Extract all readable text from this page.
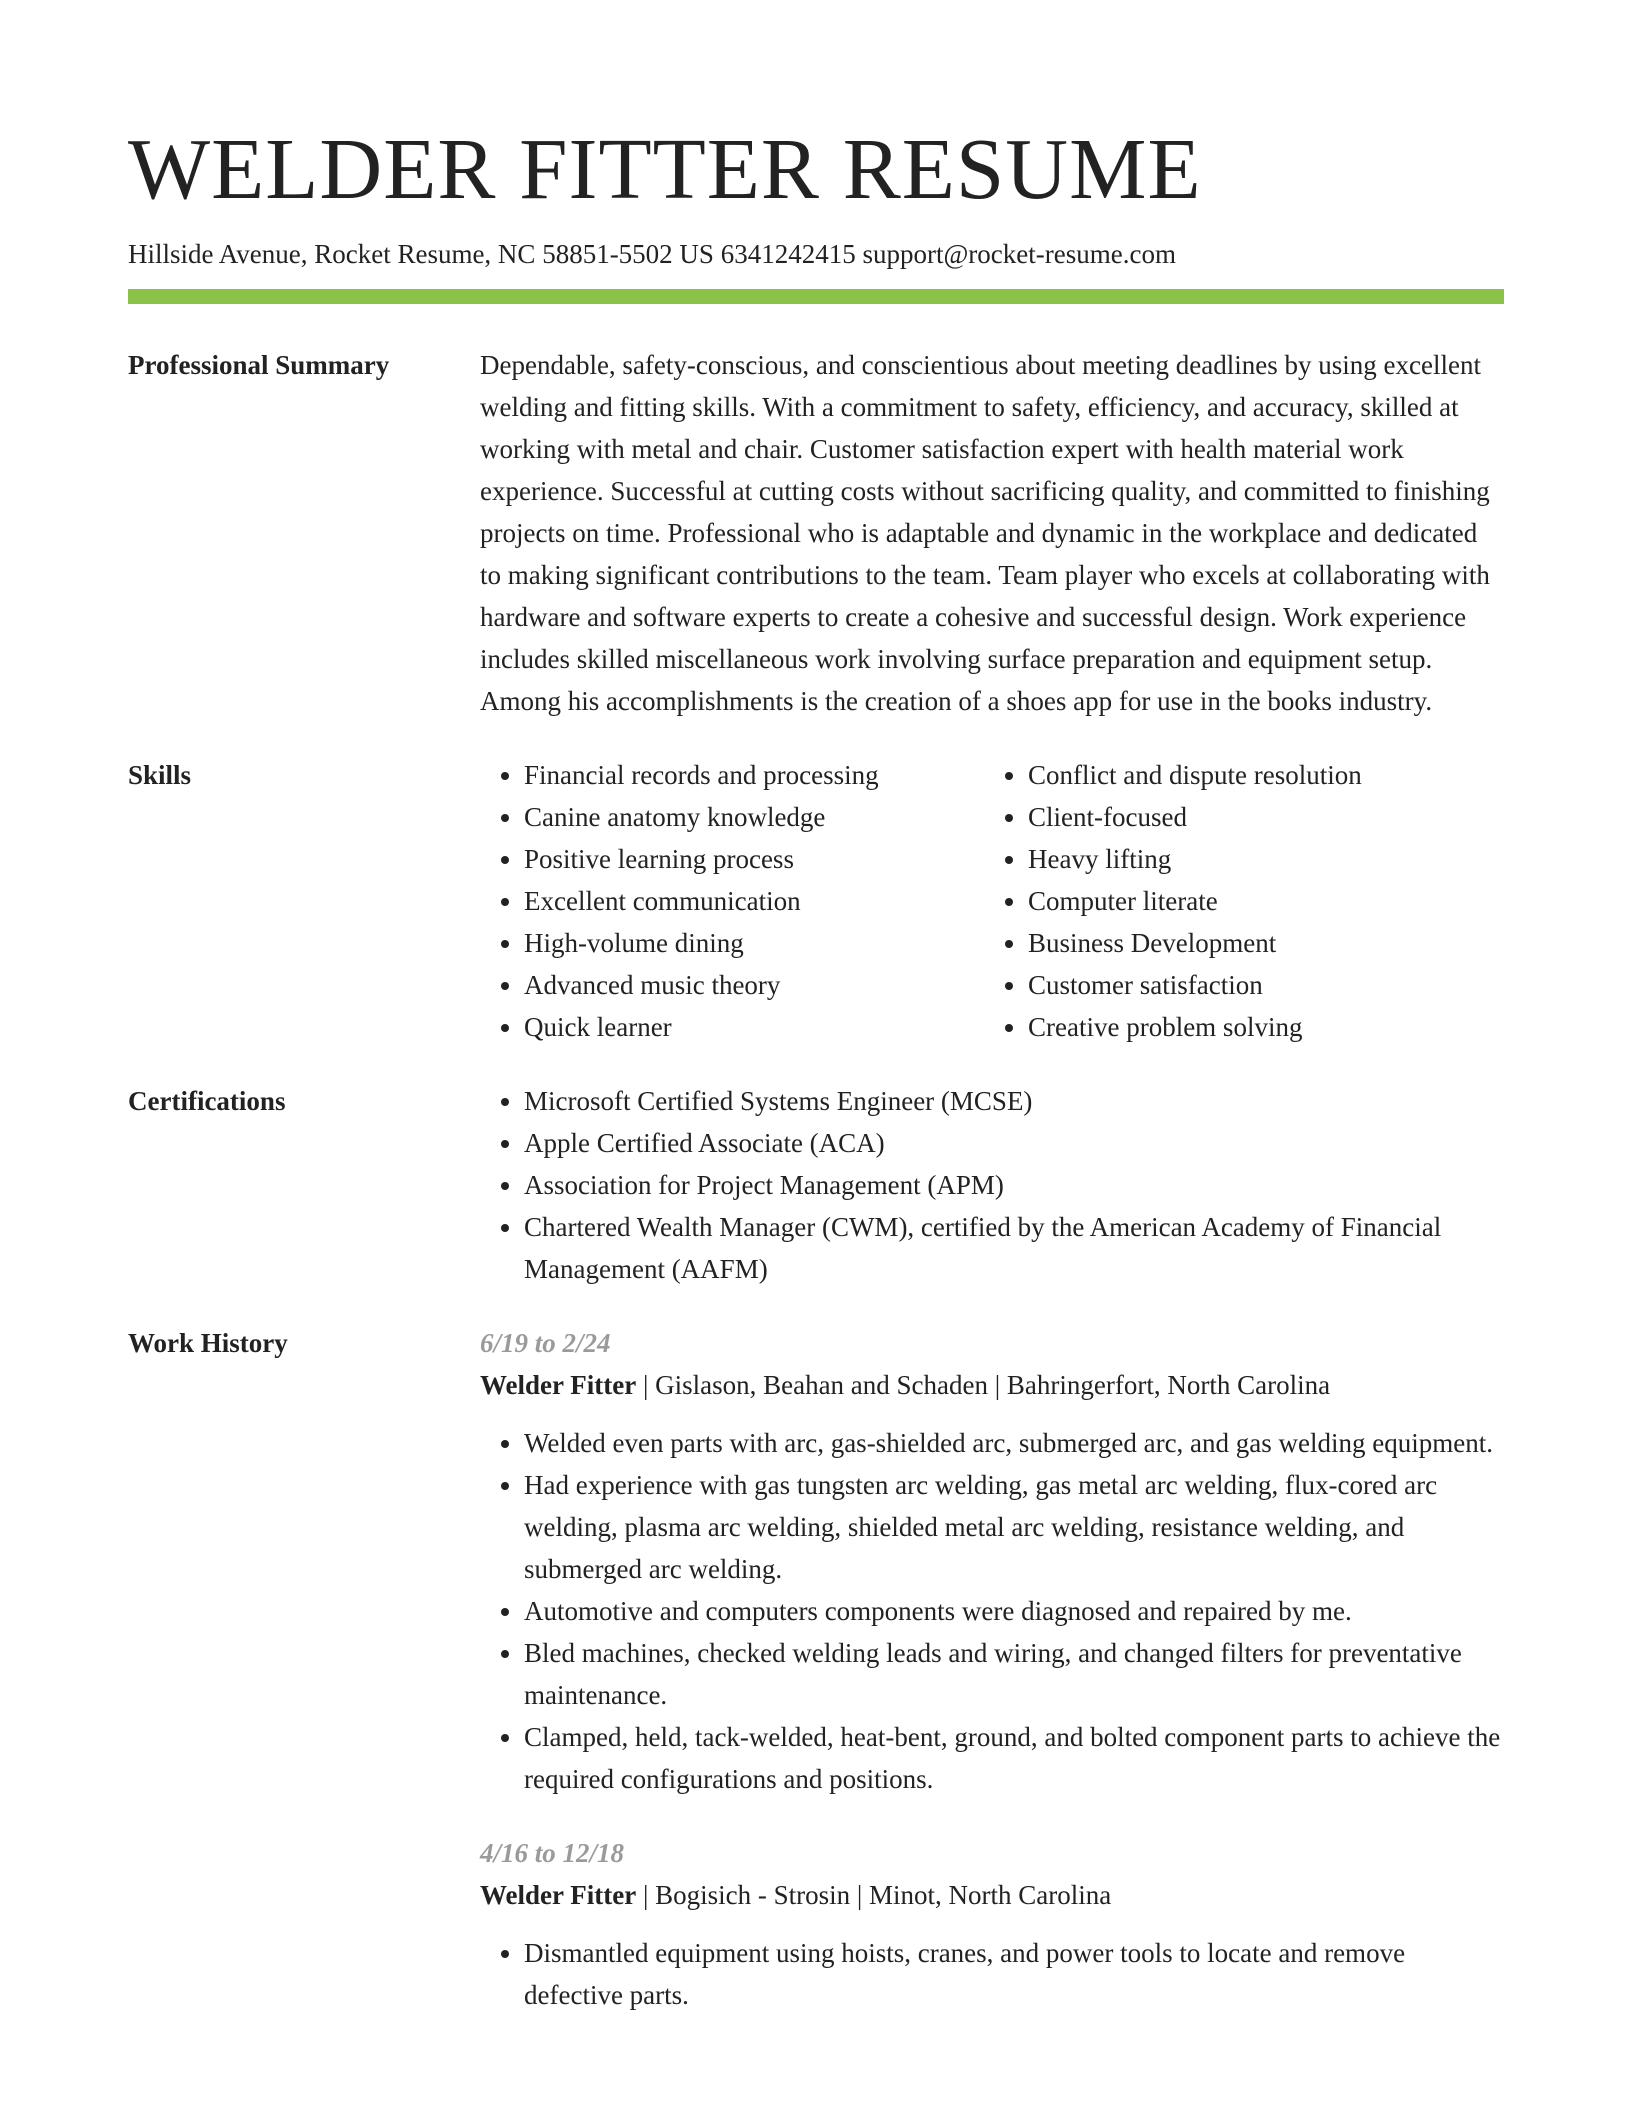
WELDER FITTER RESUME
Hillside Avenue, Rocket Resume, NC 58851-5502 US 6341242415 support@rocket-resume.com
Professional Summary	Dependable, safety-conscious, and conscientious about meeting deadlines by using excellent welding and fitting skills. With a commitment to safety, efficiency, and accuracy, skilled at working with metal and chair. Customer satisfaction expert with health material work experience. Successful at cutting costs without sacrificing quality, and committed to finishing projects on time. Professional who is adaptable and dynamic in the workplace and dedicated to making significant contributions to the team. Team player who excels at collaborating with hardware and software experts to create a cohesive and successful design. Work experience includes skilled miscellaneous work involving surface preparation and equipment setup. Among his accomplishments is the creation of a shoes app for use in the books industry.

Skills	• Financial records and processing
• Canine anatomy knowledge
• Positive learning process
• Excellent communication
• High-volume dining
• Advanced music theory
• Quick learner
• Conflict and dispute resolution
• Client-focused
• Heavy lifting
• Computer literate
• Business Development
• Customer satisfaction
• Creative problem solving
Certifications	• Microsoft Certified Systems Engineer (MCSE)
• Apple Certified Associate (ACA)
• Association for Project Management (APM)
• Chartered Wealth Manager (CWM), certified by the American Academy of Financial Management (AAFM)
Work History	6/19 to 2/24
Welder Fitter | Gislason, Beahan and Schaden | Bahringerfort, North Carolina
• Welded even parts with arc, gas-shielded arc, submerged arc, and gas welding equipment.
• Had experience with gas tungsten arc welding, gas metal arc welding, flux-cored arc welding, plasma arc welding, shielded metal arc welding, resistance welding, and submerged arc welding.
• Automotive and computers components were diagnosed and repaired by me.
• Bled machines, checked welding leads and wiring, and changed filters for preventative maintenance.
• Clamped, held, tack-welded, heat-bent, ground, and bolted component parts to achieve the required configurations and positions.
4/16 to 12/18
Welder Fitter | Bogisich - Strosin | Minot, North Carolina
• Dismantled equipment using hoists, cranes, and power tools to locate and remove defective parts.
